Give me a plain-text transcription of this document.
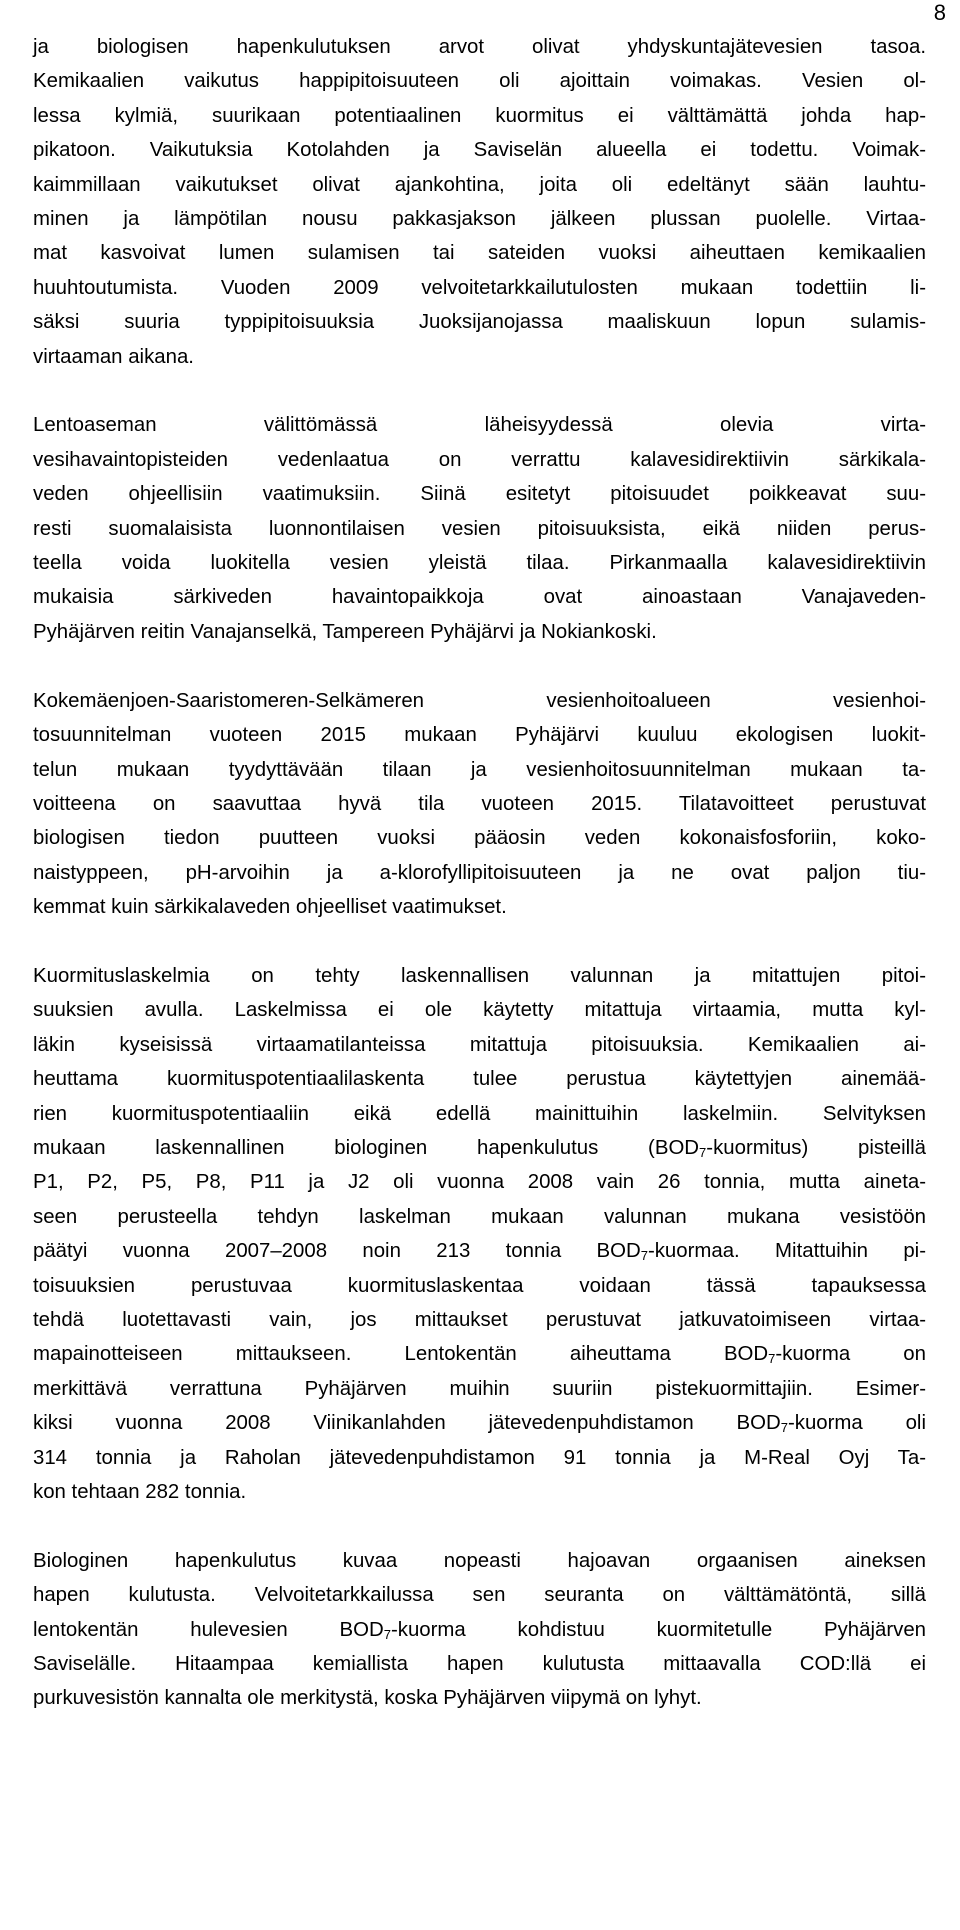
8

ja biologisen hapenkulutuksen arvot olivat yhdyskuntajätevesien tasoa.
Kemikaalien vaikutus happipitoisuuteen oli ajoittain voimakas. Vesien ol-
lessa kylmiä, suurikaan potentiaalinen kuormitus ei välttämättä johda hap-
pikatoon. Vaikutuksia Kotolahden ja Saviselän alueella ei todettu. Voimak-
kaimmillaan vaikutukset olivat ajankohtina, joita oli edeltänyt sään lauhtu-
minen ja lämpötilan nousu pakkasjakson jälkeen plussan puolelle. Virtaa-
mat kasvoivat lumen sulamisen tai sateiden vuoksi aiheuttaen kemikaalien
huuhtoutumista. Vuoden 2009 velvoitetarkkailutulosten mukaan todettiin li-
säksi suuria typpipitoisuuksia Juoksijanojassa maaliskuun lopun sulamis-
virtaaman aikana.

Lentoaseman välittömässä läheisyydessä olevia virta-
vesihavaintopisteiden vedenlaatua on verrattu kalavesidirektiivin särkikala-
veden ohjeellisiin vaatimuksiin. Siinä esitetyt pitoisuudet poikkeavat suu-
resti suomalaisista luonnontilaisen vesien pitoisuuksista, eikä niiden perus-
teella voida luokitella vesien yleistä tilaa. Pirkanmaalla kalavesidirektiivin
mukaisia särkiveden havaintopaikkoja ovat ainoastaan Vanajaveden-
Pyhäjärven reitin Vanajanselkä, Tampereen Pyhäjärvi ja Nokiankoski.

Kokemäenjoen-Saaristomeren-Selkämeren vesienhoitoalueen vesienhoi-
tosuunnitelman vuoteen 2015 mukaan Pyhäjärvi kuuluu ekologisen luokit-
telun mukaan tyydyttävään tilaan ja vesienhoitosuunnitelman mukaan ta-
voitteena on saavuttaa hyvä tila vuoteen 2015. Tilatavoitteet perustuvat
biologisen tiedon puutteen vuoksi pääosin veden kokonaisfosforiin, koko-
naistyppeen, pH-arvoihin ja a-klorofyllipitoisuuteen ja ne ovat paljon tiu-
kemmat kuin särkikalaveden ohjeelliset vaatimukset.

Kuormituslaskelmia on tehty laskennallisen valunnan ja mitattujen pitoi-
suuksien avulla. Laskelmissa ei ole käytetty mitattuja virtaamia, mutta kyl-
läkin kyseisissä virtaamatilanteissa mitattuja pitoisuuksia. Kemikaalien ai-
heuttama kuormituspotentiaalilaskenta tulee perustua käytettyjen ainemää-
rien kuormituspotentiaaliin eikä edellä mainittuihin laskelmiin. Selvityksen
mukaan laskennallinen biologinen hapenkulutus $(BOD_7-kuormitus)$ pisteillä
P1, P2, P5, P8, P11 ja J2 oli vuonna 2008 vain 26 tonnia, mutta aineta-
seen perusteella tehdyn laskelman mukaan valunnan mukana vesistöön
päätyi vuonna 2007–2008 noin 213 tonnia $BOD_7$-kuormaa. Mitattuihin pi-
toisuuksien perustuvaa kuormituslaskentaa voidaan tässä tapauksessa
tehdä luotettavasti vain, jos mittaukset perustuvat jatkuvatoimiseen virtaa-
mapainotteiseen mittaukseen. Lentokentän aiheuttama $BOD_7$-kuorma on
merkittävä verrattuna Pyhäjärven muihin suuriin pistekuormittajiin. Esimer-
kiksi vuonna 2008 Viinikanlahden jätevedenpuhdistamon $BOD_7$-kuorma oli
314 tonnia ja Raholan jätevedenpuhdistamon 91 tonnia ja M-Real Oyj Ta-
kon tehtaan 282 tonnia.

Biologinen hapenkulutus kuvaa nopeasti hajoavan orgaanisen aineksen
hapen kulutusta. Velvoitetarkkailussa sen seuranta on välttämätöntä, sillä
lentokentän hulevesien $BOD_7$-kuorma kohdistuu kuormitetulle Pyhäjärven
Saviselälle. Hitaampaa kemiallista hapen kulutusta mittaavalla COD:llä ei
purkuvesistön kannalta ole merkitystä, koska Pyhäjärven viipymä on lyhyt.
